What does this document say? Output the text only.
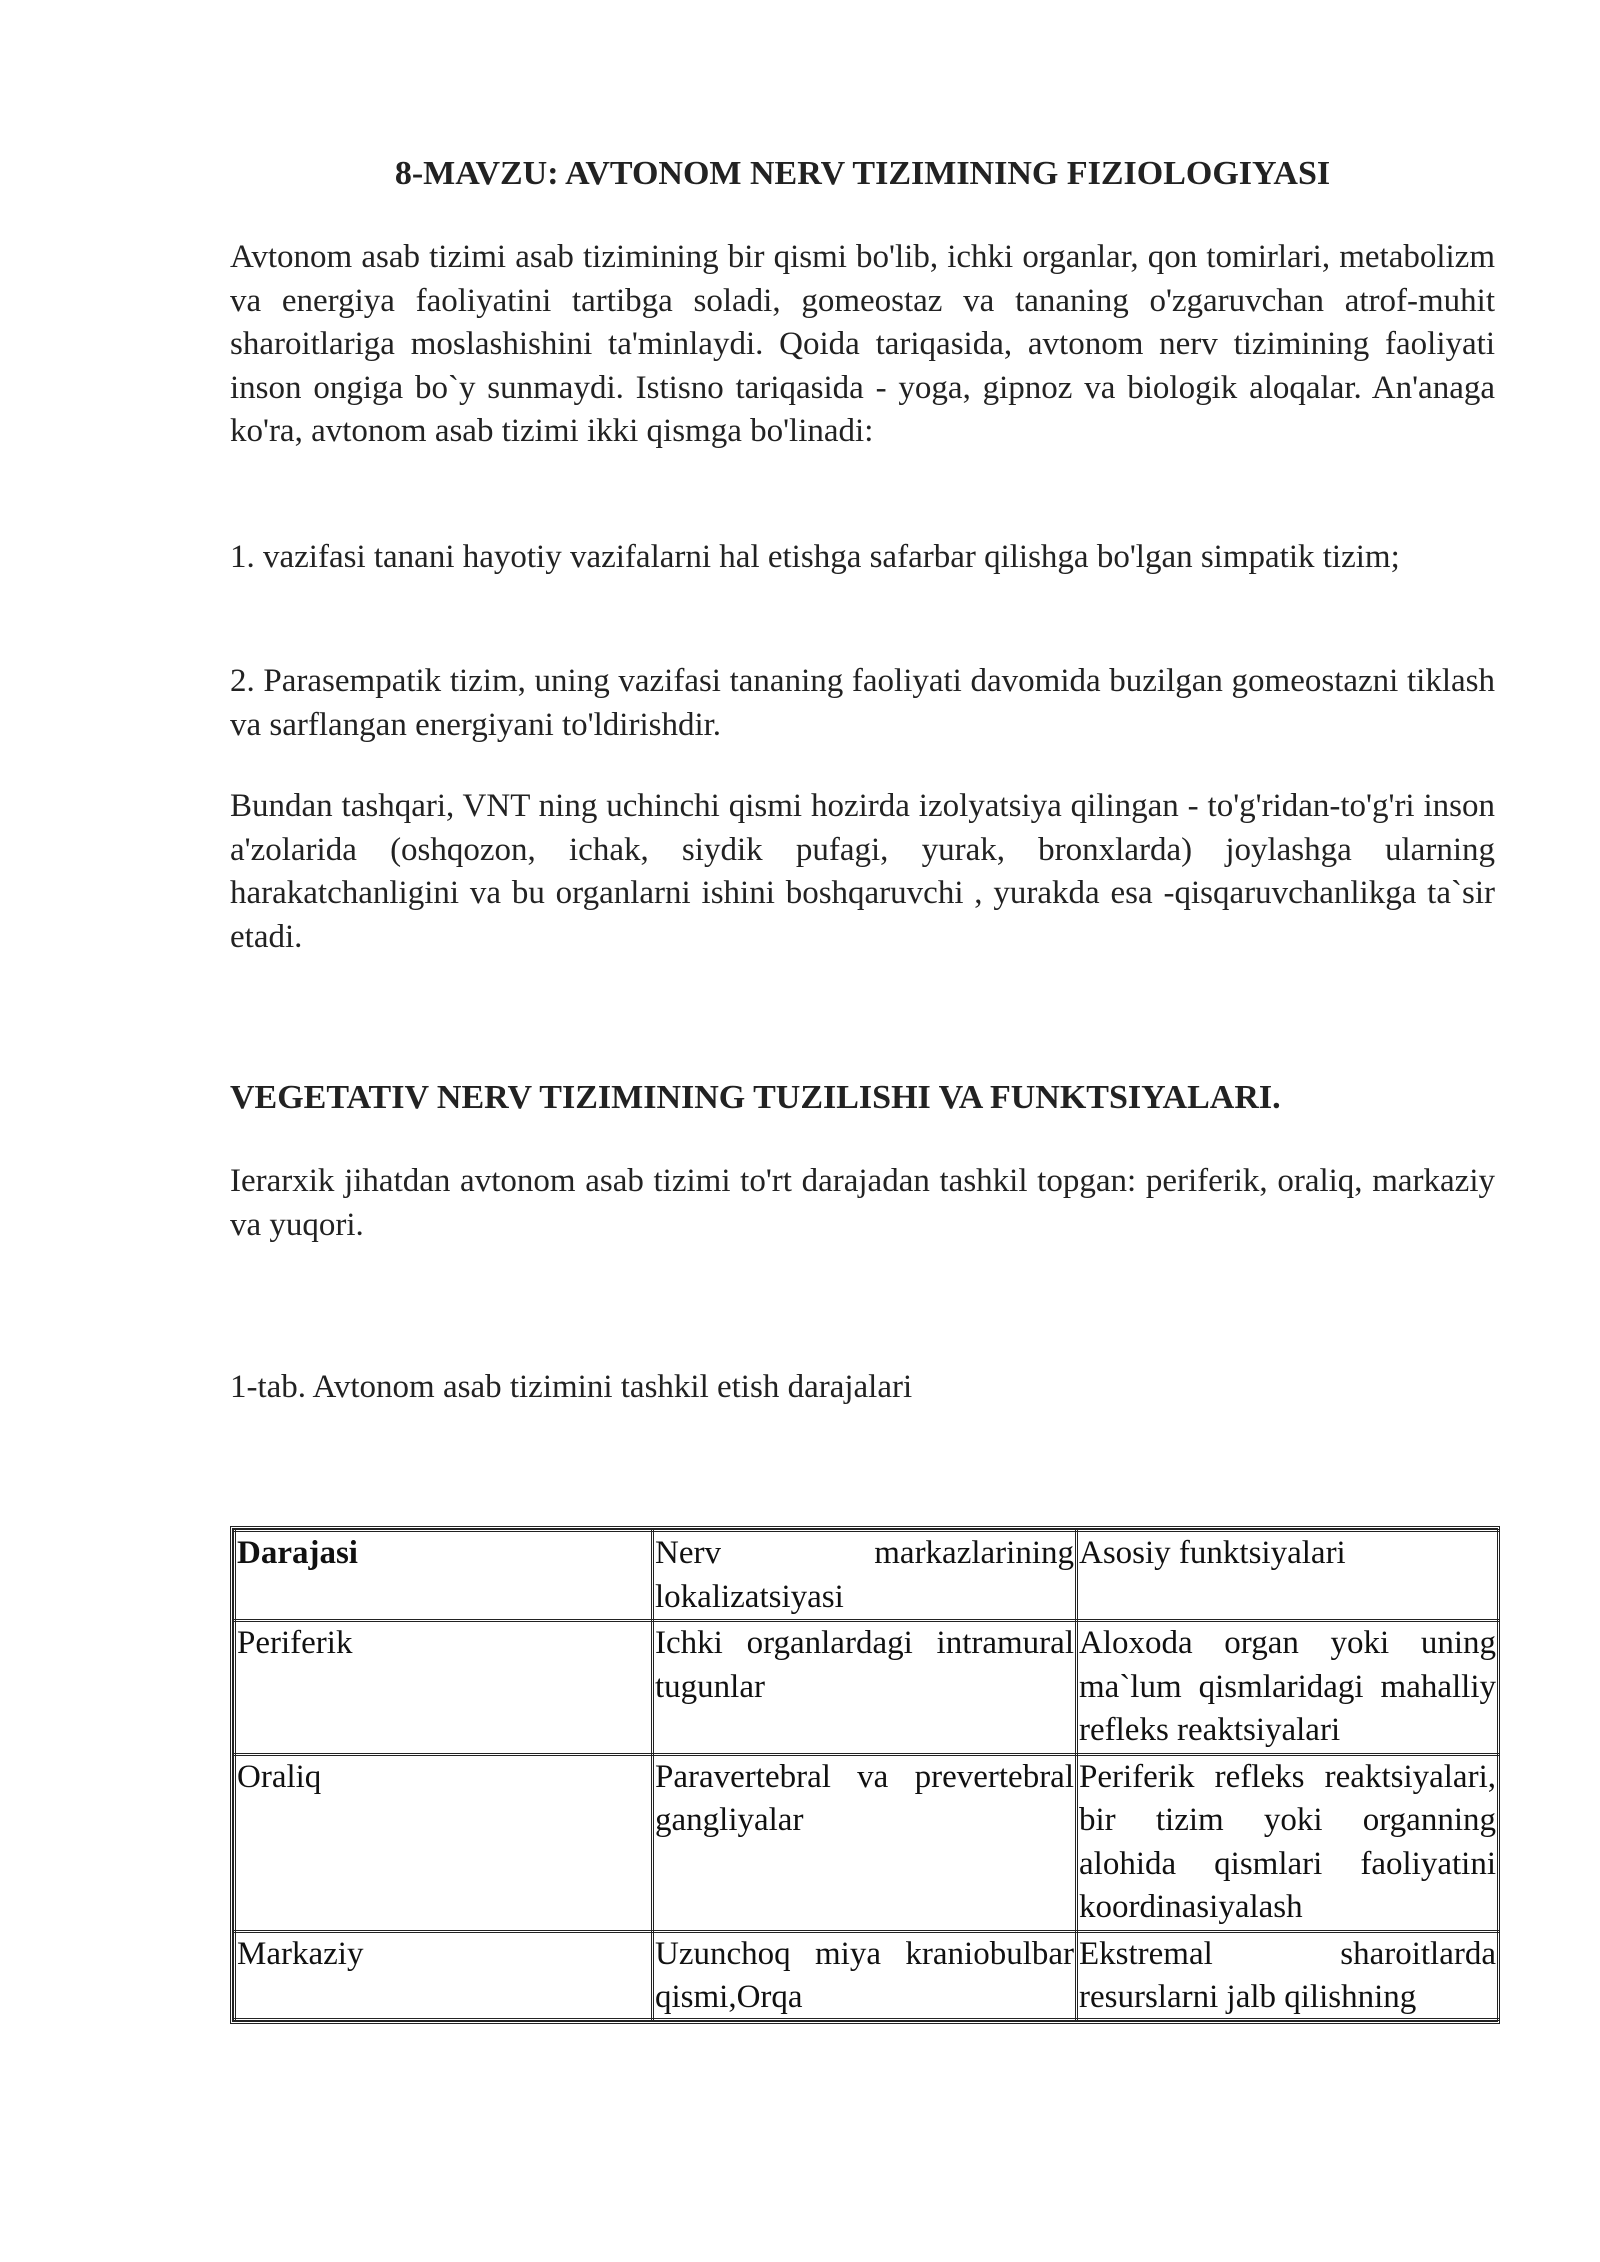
8-MAVZU: AVTONOM NERV TIZIMINING FIZIOLOGIYASI
Avtonom asab tizimi asab tizimining bir qismi bo'lib, ichki organlar, qon tomirlari, metabolizm va energiya faoliyatini tartibga soladi, gomeostaz va tananing o'zgaruvchan atrof-muhit sharoitlariga moslashishini ta'minlaydi. Qoida tariqasida, avtonom nerv tizimining faoliyati inson ongiga bo`y sunmaydi. Istisno tariqasida - yoga, gipnoz va biologik aloqalar. An'anaga ko'ra, avtonom asab tizimi ikki qismga bo'linadi:
1. vazifasi tanani hayotiy vazifalarni hal etishga safarbar qilishga bo'lgan simpatik tizim;
2. Parasempatik tizim, uning vazifasi tananing faoliyati davomida buzilgan gomeostazni tiklash va sarflangan energiyani to'ldirishdir.
Bundan tashqari, VNT ning uchinchi qismi hozirda izolyatsiya qilingan - to'g'ridan-to'g'ri inson a'zolarida (oshqozon, ichak, siydik pufagi, yurak, bronxlarda) joylashga ularning harakatchanligini va bu organlarni ishini boshqaruvchi , yurakda esa -qisqaruvchanlikga ta`sir etadi.
VEGETATIV NERV TIZIMINING TUZILISHI VA FUNKTSIYALARI.
Ierarxik jihatdan avtonom asab tizimi to'rt darajadan tashkil topgan: periferik, oraliq, markaziy va yuqori.
1-tab. Avtonom asab tizimini tashkil etish darajalari
Darajasi	Nerv markazlarining lokalizatsiyasi	Asosiy funktsiyalari
Periferik	Ichki organlardagi intramural tugunlar	Aloxoda organ yoki uning ma`lum qismlaridagi mahalliy refleks reaktsiyalari
Oraliq	Paravertebral va prevertebral gangliyalar	Periferik refleks reaktsiyalari, bir tizim yoki organning alohida qismlari faoliyatini koordinasiyalash

Markaziy	Uzunchoq miya kraniobulbar qismi,Orqa	Ekstremal sharoitlarda resurslarni jalb qilishning
